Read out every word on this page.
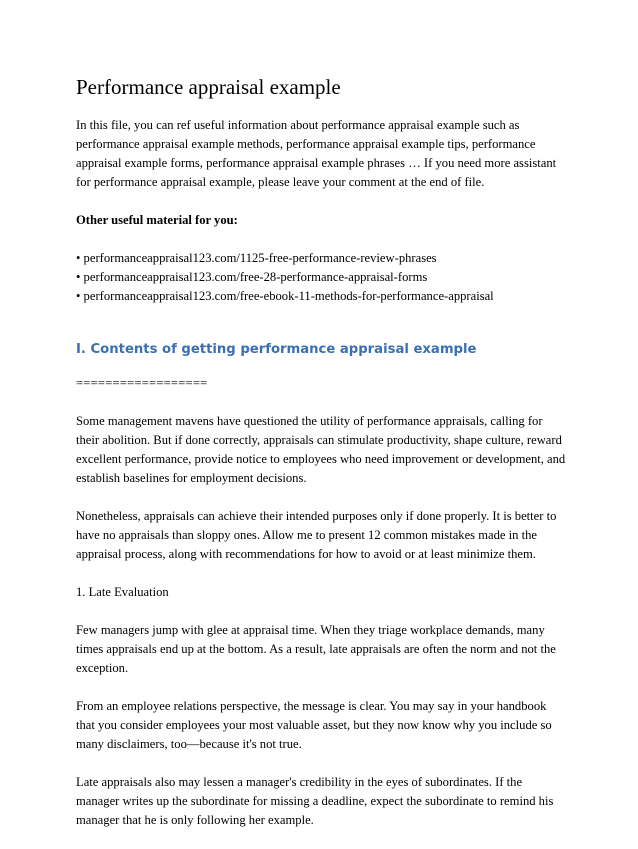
Performance appraisal example

In this file, you can ref useful information about performance appraisal example such as

performance appraisal example methods, performance appraisal example tips, performance

appraisal example forms, performance appraisal example phrases … If you need more assistant

for performance appraisal example, please leave your comment at the end of file.

Other useful material for you:

• performanceappraisal123.com/1125-free-performance-review-phrases

• performanceappraisal123.com/free-28-performance-appraisal-forms

• performanceappraisal123.com/free-ebook-11-methods-for-performance-appraisal

I. Contents of getting performance appraisal example
==================

Some management mavens have questioned the utility of performance appraisals, calling for

their abolition. But if done correctly, appraisals can stimulate productivity, shape culture, reward

excellent performance, provide notice to employees who need improvement or development, and

establish baselines for employment decisions.

Nonetheless, appraisals can achieve their intended purposes only if done properly. It is better to

have no appraisals than sloppy ones. Allow me to present 12 common mistakes made in the

appraisal process, along with recommendations for how to avoid or at least minimize them.

1. Late Evaluation

Few managers jump with glee at appraisal time. When they triage workplace demands, many

times appraisals end up at the bottom. As a result, late appraisals are often the norm and not the

exception.

From an employee relations perspective, the message is clear. You may say in your handbook

that you consider employees your most valuable asset, but they now know why you include so

many disclaimers, too—because it's not true.

Late appraisals also may lessen a manager's credibility in the eyes of subordinates. If the

manager writes up the subordinate for missing a deadline, expect the subordinate to remind his

manager that he is only following her example.
